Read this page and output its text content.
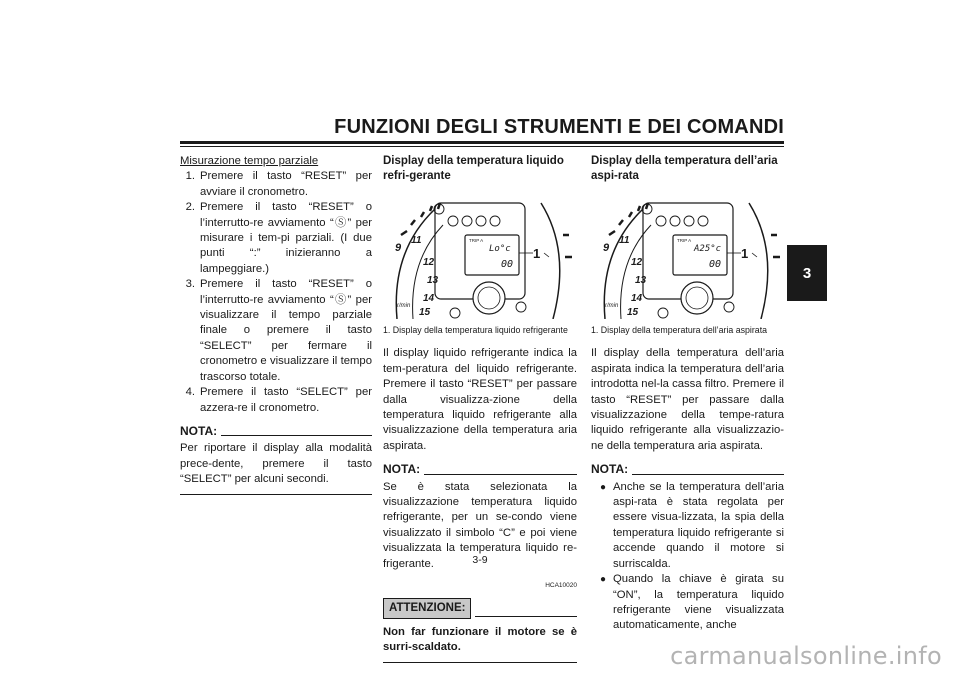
FUNZIONI DEGLI STRUMENTI E DEI COMANDI
3
Misurazione tempo parziale
1. Premere il tasto “RESET” per avviare il cronometro.
2. Premere il tasto “RESET” o l’interrutto-re avviamento “Ⓢ” per misurare i tem-pi parziali. (I due punti “:” inizieranno a lampeggiare.)
3. Premere il tasto “RESET” o l’interrutto-re avviamento “Ⓢ” per visualizzare il tempo parziale finale o premere il tasto “SELECT” per fermare il cronometro e visualizzare il tempo trascorso totale.
4. Premere il tasto “SELECT” per azzera-re il cronometro.
NOTA:
Per riportare il display alla modalità prece-dente, premere il tasto “SELECT” per alcuni secondi.
Display della temperatura liquido refri-gerante
9
11
12
13
14
15
r/min
TRIP A
Lo°c
00
1
1. Display della temperatura liquido refrigerante
Il display liquido refrigerante indica la tem-peratura del liquido refrigerante. Premere il tasto “RESET” per passare dalla visualizza-zione della temperatura liquido refrigerante alla visualizzazione della temperatura aria aspirata.
NOTA:
Se è stata selezionata la visualizzazione temperatura liquido refrigerante, per un se-condo viene visualizzato il simbolo “C” e poi viene visualizzata la temperatura liquido re-frigerante.
HCA10020
ATTENZIONE:
Non far funzionare il motore se è surri-scaldato.
Display della temperatura dell’aria aspi-rata
9
11
12
13
14
15
r/min
TRIP A
A25°c
00
1
1. Display della temperatura dell’aria aspirata
Il display della temperatura dell’aria aspirata indica la temperatura dell’aria introdotta nel-la cassa filtro. Premere il tasto “RESET” per passare dalla visualizzazione della tempe-ratura liquido refrigerante alla visualizzazio-ne della temperatura aria aspirata.
NOTA:
● Anche se la temperatura dell’aria aspi-rata è stata regolata per essere visua-lizzata, la spia della temperatura liquido refrigerante si accende quando il motore si surriscalda.
● Quando la chiave è girata su “ON”, la temperatura liquido refrigerante viene visualizzata automaticamente, anche
3-9
carmanualsonline.info
